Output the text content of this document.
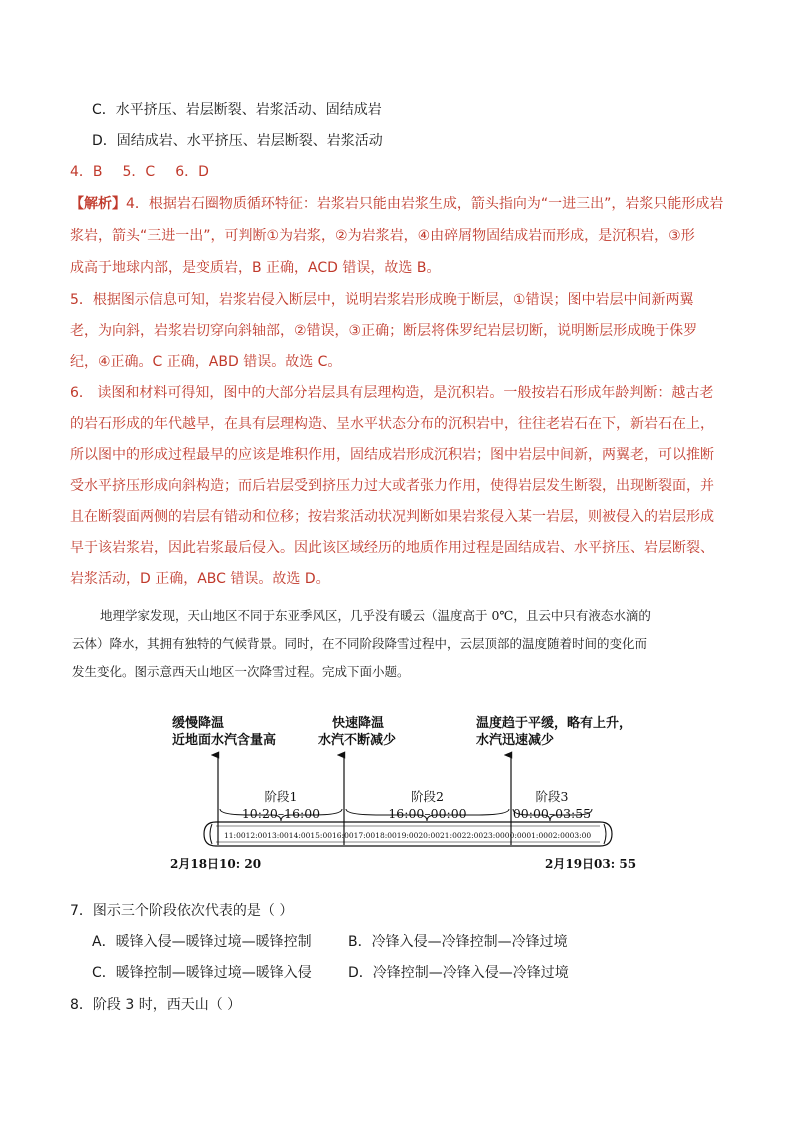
C．水平挤压、岩层断裂、岩浆活动、固结成岩
D．固结成岩、水平挤压、岩层断裂、岩浆活动
4．B 5．C 6．D
【解析】4．根据岩石圈物质循环特征：岩浆岩只能由岩浆生成，箭头指向为“一进三出”，岩浆只能形成岩
浆岩，箭头“三进一出”，可判断①为岩浆，②为岩浆岩，④由碎屑物固结成岩而形成，是沉积岩，③形
成高于地球内部，是变质岩，B 正确，ACD 错误，故选 B。
5．根据图示信息可知，岩浆岩侵入断层中，说明岩浆岩形成晚于断层，①错误；图中岩层中间新两翼
老，为向斜，岩浆岩切穿向斜轴部，②错误，③正确；断层将侏罗纪岩层切断，说明断层形成晚于侏罗
纪，④正确。C 正确，ABD 错误。故选 C。
6． 读图和材料可得知，图中的大部分岩层具有层理构造，是沉积岩。一般按岩石形成年龄判断：越古老
的岩石形成的年代越早，在具有层理构造、呈水平状态分布的沉积岩中，往往老岩石在下，新岩石在上，
所以图中的形成过程最早的应该是堆积作用，固结成岩形成沉积岩；图中岩层中间新，两翼老，可以推断
受水平挤压形成向斜构造；而后岩层受到挤压力过大或者张力作用，使得岩层发生断裂，出现断裂面，并
且在断裂面两侧的岩层有错动和位移；按岩浆活动状况判断如果岩浆侵入某一岩层，则被侵入的岩层形成
早于该岩浆岩，因此岩浆最后侵入。因此该区域经历的地质作用过程是固结成岩、水平挤压、岩层断裂、
岩浆活动，D 正确，ABC 错误。故选 D。
地理学家发现，天山地区不同于东亚季风区，几乎没有暖云（温度高于 0℃，且云中只有液态水滴的
云体）降水，其拥有独特的气候背景。同时，在不同阶段降雪过程中，云层顶部的温度随着时间的变化而
发生变化。图示意西天山地区一次降雪过程。完成下面小题。
缓慢降温
近地面水汽含量高
快速降温
水汽不断减少
温度趋于平缓，略有上升，
水汽迅速减少
11:00 12:00 13:00 14:00 15:00 16:00 17:00 18:00 19:00 20:00 21:00 22:00 23:00 00:00 01:00 02:00 03:00
阶段1
10:20–16:00
阶段2
16:00–00:00
阶段3
00:00–03:55
2月18日10: 20	2月19日03: 55
7．图示三个阶段依次代表的是（ ）
A．暖锋入侵—暖锋过境—暖锋控制	B．冷锋入侵—冷锋控制—冷锋过境
C．暖锋控制—暖锋过境—暖锋入侵	D．冷锋控制—冷锋入侵—冷锋过境
8．阶段 3 时，西天山（ ）
